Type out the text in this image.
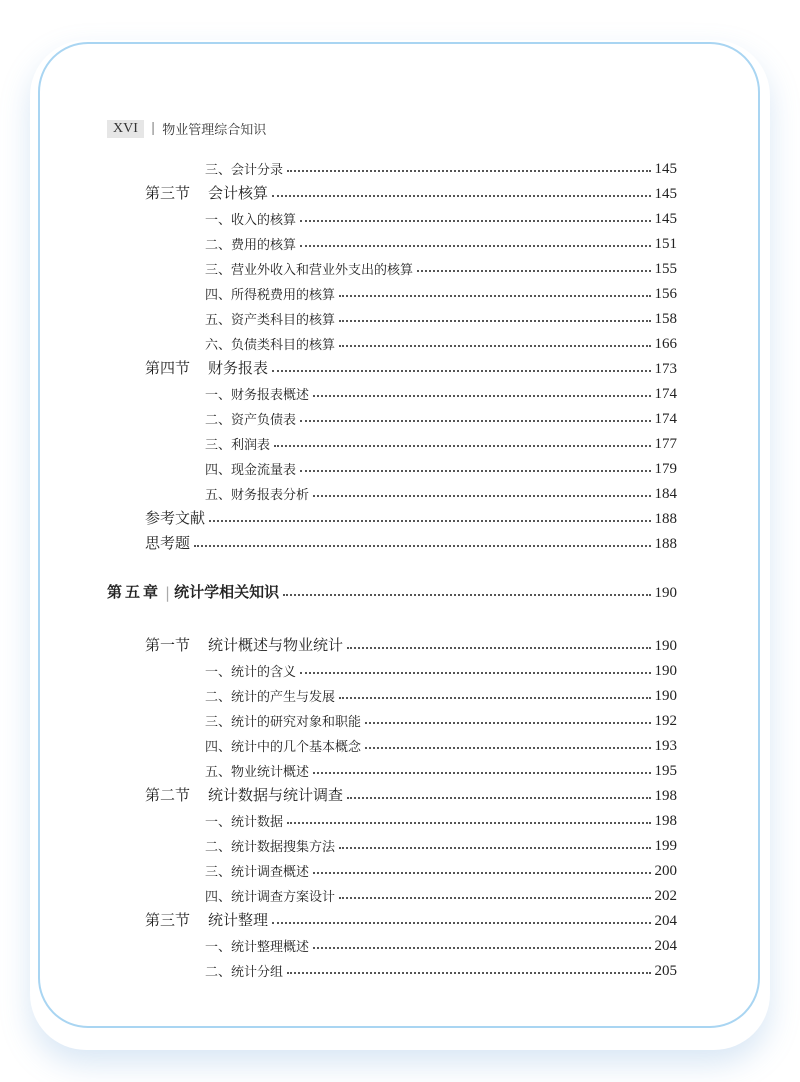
XVI	| 物业管理综合知识
三、会计分录	145
第三节	会计核算	145
一、收入的核算	145
二、费用的核算	151
三、营业外收入和营业外支出的核算	155
四、所得税费用的核算	156
五、资产类科目的核算	158
六、负债类科目的核算	166
第四节	财务报表	173
一、财务报表概述	174
二、资产负债表	174
三、利润表	177
四、现金流量表	179
五、财务报表分析	184
参考文献	188
思考题	188
第五章 | 统计学相关知识	190
第一节	统计概述与物业统计	190
一、统计的含义	190
二、统计的产生与发展	190
三、统计的研究对象和职能	192
四、统计中的几个基本概念	193
五、物业统计概述	195
第二节	统计数据与统计调查	198
一、统计数据	198
二、统计数据搜集方法	199
三、统计调查概述	200
四、统计调查方案设计	202
第三节	统计整理	204
一、统计整理概述	204
二、统计分组	205
